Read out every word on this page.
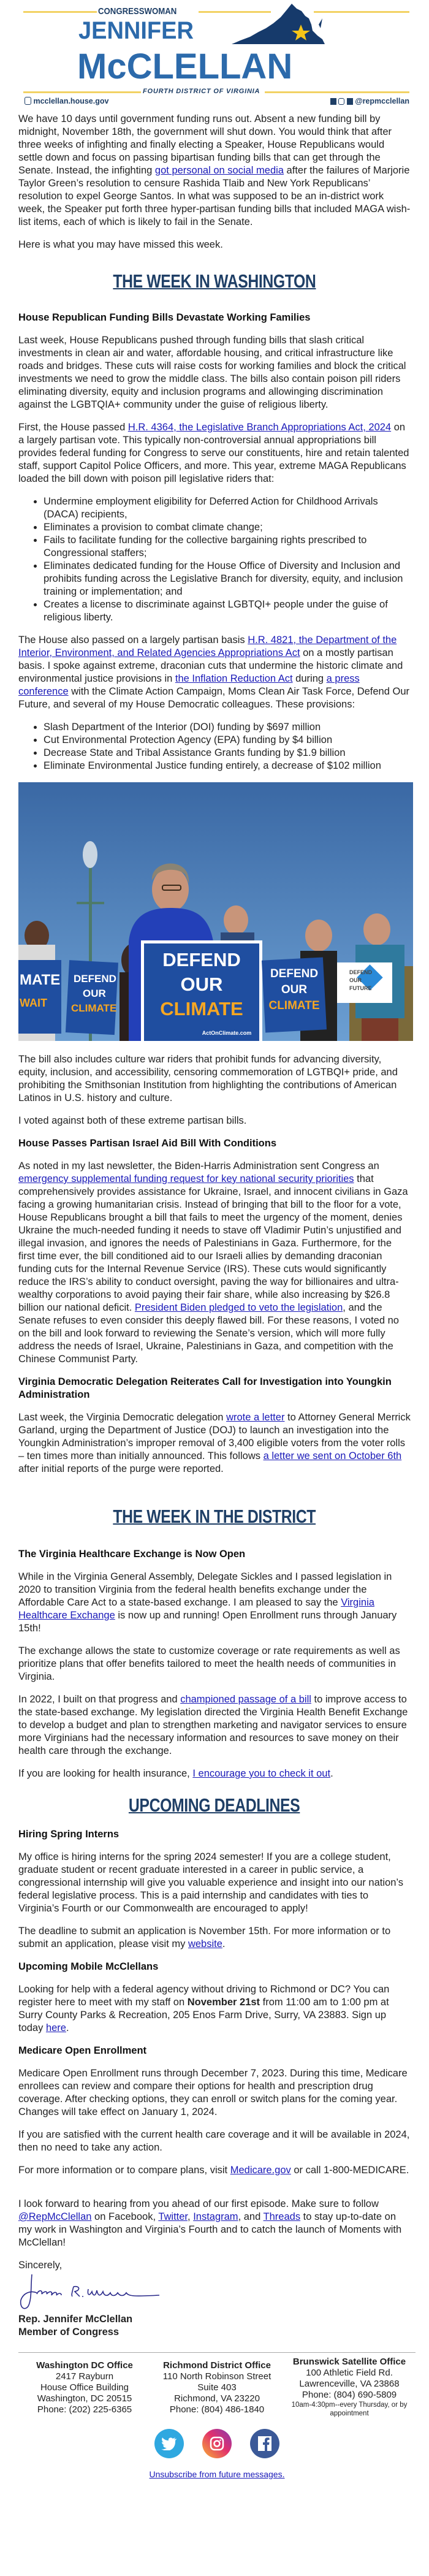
CONGRESSWOMAN
JENNIFER
McCLELLAN
FOURTH DISTRICT OF VIRGINIA
mcclellan.house.gov	@repmcclellan

We have 10 days until government funding runs out. Absent a new funding bill by midnight, November 18th, the government will shut down. You would think that after three weeks of infighting and finally electing a Speaker, House Republicans would settle down and focus on passing bipartisan funding bills that can get through the Senate. Instead, the infighting got personal on social media after the failures of Marjorie Taylor Green’s resolution to censure Rashida Tlaib and New York Republicans’ resolution to expel George Santos. In what was supposed to be an in-district work week, the Speaker put forth three hyper-partisan funding bills that included MAGA wish-list items, each of which is likely to fail in the Senate.

Here is what you may have missed this week.

THE WEEK IN WASHINGTON
House Republican Funding Bills Devastate Working Families

Last week, House Republicans pushed through funding bills that slash critical investments in clean air and water, affordable housing, and critical infrastructure like roads and bridges. These cuts will raise costs for working families and block the critical investments we need to grow the middle class. The bills also contain poison pill riders eliminating diversity, equity and inclusion programs and allowinging discrimination against the LGBTQIA+ community under the guise of religious liberty.

First, the House passed H.R. 4364, the Legislative Branch Appropriations Act, 2024 on a largely partisan vote. This typically non-controversial annual appropriations bill provides federal funding for Congress to serve our constituents, hire and retain talented staff, support Capitol Police Officers, and more. This year, extreme MAGA Republicans loaded the bill down with poison pill legislative riders that:

• Undermine employment eligibility for Deferred Action for Childhood Arrivals (DACA) recipients,
• Eliminates a provision to combat climate change;
• Fails to facilitate funding for the collective bargaining rights prescribed to Congressional staffers;
• Eliminates dedicated funding for the House Office of Diversity and Inclusion and prohibits funding across the Legislative Branch for diversity, equity, and inclusion training or implementation; and
• Creates a license to discriminate against LGBTQI+ people under the guise of religious liberty.

The House also passed on a largely partisan basis H.R. 4821, the Department of the Interior, Environment, and Related Agencies Appropriations Act on a mostly partisan basis. I spoke against extreme, draconian cuts that undermine the historic climate and environmental justice provisions in the Inflation Reduction Act during a press conference with the Climate Action Campaign, Moms Clean Air Task Force, Defend Our Future, and several of my House Democratic colleagues. These provisions:

• Slash Department of the Interior (DOI) funding by $697 million
• Cut Environmental Protection Agency (EPA) funding by $4 billion
• Decrease State and Tribal Assistance Grants funding by $1.9 billion
• Eliminate Environmental Justice funding entirely, a decrease of $102 million
MATE
WAIT
DEFEND
OUR
CLIMATE
DEFEND
OUR
CLIMATE
ActOnClimate.com
DEFEND
OUR
CLIMATE
DEFEND
OUR
FUTURE

The bill also includes culture war riders that prohibit funds for advancing diversity, equity, inclusion, and accessibility, censoring commemoration of LGTBQI+ pride, and prohibiting the Smithsonian Institution from highlighting the contributions of American Latinos in U.S. history and culture.

I voted against both of these extreme partisan bills.

House Passes Partisan Israel Aid Bill With Conditions

As noted in my last newsletter, the Biden-Harris Administration sent Congress an emergency supplemental funding request for key national security priorities that comprehensively provides assistance for Ukraine, Israel, and innocent civilians in Gaza facing a growing humanitarian crisis. Instead of bringing that bill to the floor for a vote, House Republicans brought a bill that fails to meet the urgency of the moment, denies Ukraine the much-needed funding it needs to stave off Vladimir Putin’s unjustified and illegal invasion, and ignores the needs of Palestinians in Gaza. Furthermore, for the first time ever, the bill conditioned aid to our Israeli allies by demanding draconian funding cuts for the Internal Revenue Service (IRS). These cuts would significantly reduce the IRS’s ability to conduct oversight, paving the way for billionaires and ultra-wealthy corporations to avoid paying their fair share, while also increasing by $26.8 billion our national deficit. President Biden pledged to veto the legislation, and the Senate refuses to even consider this deeply flawed bill. For these reasons, I voted no on the bill and look forward to reviewing the Senate’s version, which will more fully address the needs of Israel, Ukraine, Palestinians in Gaza, and competition with the Chinese Communist Party.

Virginia Democratic Delegation Reiterates Call for Investigation into Youngkin Administration

Last week, the Virginia Democratic delegation wrote a letter to Attorney General Merrick Garland, urging the Department of Justice (DOJ) to launch an investigation into the Youngkin Administration’s improper removal of 3,400 eligible voters from the voter rolls – ten times more than initially announced. This follows a letter we sent on October 6th after initial reports of the purge were reported.

THE WEEK IN THE DISTRICT
The Virginia Healthcare Exchange is Now Open

While in the Virginia General Assembly, Delegate Sickles and I passed legislation in 2020 to transition Virginia from the federal health benefits exchange under the Affordable Care Act to a state-based exchange. I am pleased to say the Virginia Healthcare Exchange is now up and running! Open Enrollment runs through January 15th!

The exchange allows the state to customize coverage or rate requirements as well as prioritize plans that offer benefits tailored to meet the health needs of communities in Virginia.

In 2022, I built on that progress and championed passage of a bill to improve access to the state-based exchange. My legislation directed the Virginia Health Benefit Exchange to develop a budget and plan to strengthen marketing and navigator services to ensure more Virginians had the necessary information and resources to save money on their health care through the exchange.

If you are looking for health insurance, I encourage you to check it out.

UPCOMING DEADLINES
Hiring Spring Interns

My office is hiring interns for the spring 2024 semester! If you are a college student, graduate student or recent graduate interested in a career in public service, a congressional internship will give you valuable experience and insight into our nation’s federal legislative process. This is a paid internship and candidates with ties to Virginia’s Fourth or our Commonwealth are encouraged to apply!

The deadline to submit an application is November 15th. For more information or to submit an application, please visit my website.

Upcoming Mobile McClellans

Looking for help with a federal agency without driving to Richmond or DC? You can register here to meet with my staff on November 21st from 11:00 am to 1:00 pm at Surry County Parks & Recreation, 205 Enos Farm Drive, Surry, VA 23883. Sign up today here.

Medicare Open Enrollment

Medicare Open Enrollment runs through December 7, 2023. During this time, Medicare enrollees can review and compare their options for health and prescription drug coverage. After checking options, they can enroll or switch plans for the coming year. Changes will take effect on January 1, 2024.

If you are satisfied with the current health care coverage and it will be available in 2024, then no need to take any action.

For more information or to compare plans, visit Medicare.gov or call 1-800-MEDICARE.

I look forward to hearing from you ahead of our first episode. Make sure to follow @RepMcClellan on Facebook, Twitter, Instagram, and Threads to stay up-to-date on my work in Washington and Virginia’s Fourth and to catch the launch of Moments with McClellan!

Sincerely,

Rep. Jennifer McClellan

Member of Congress

Washington DC Office
2417 Rayburn
House Office Building
Washington, DC 20515
Phone: (202) 225-6365
Richmond District Office
110 North Robinson Street
Suite 403
Richmond, VA 23220
Phone: (804) 486-1840
Brunswick Satellite Office
100 Athletic Field Rd.
Lawrenceville, VA 23868
Phone: (804) 690-5809
10am-4:30pm--every Thursday, or by appointment
Unsubscribe from future messages.
